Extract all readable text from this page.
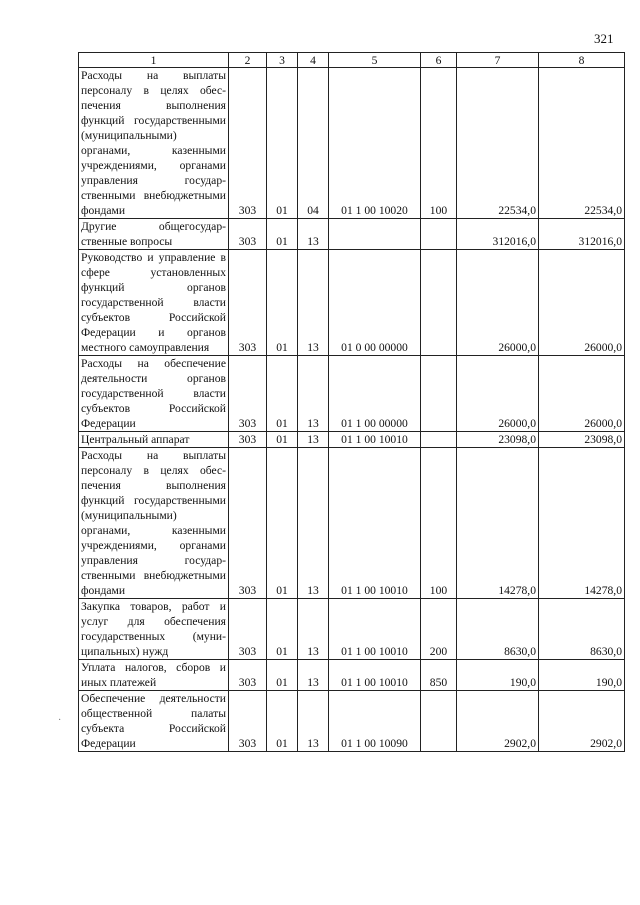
321
·
1	2	3	4	5	6	7	8
Расходы на выплаты персоналу в целях обеспечения выполнения функций государственными (муниципальными) органами, казенными учреждениями, органами управления государственными внебюджетными фондами	303	01	04	01 1 00 10020	100	22534,0	22534,0
Другие общегосударственные вопросы	303	01	13			312016,0	312016,0
Руководство и управление в сфере установленных функций органов государственной власти субъектов Российской Федерации и органов местного самоуправления	303	01	13	01 0 00 00000		26000,0	26000,0
Расходы на обеспечение деятельности органов государственной власти субъектов Российской Федерации	303	01	13	01 1 00 00000		26000,0	26000,0
Центральный аппарат	303	01	13	01 1 00 10010		23098,0	23098,0
Расходы на выплаты персоналу в целях обеспечения выполнения функций государственными (муниципальными) органами, казенными учреждениями, органами управления государственными внебюджетными фондами	303	01	13	01 1 00 10010	100	14278,0	14278,0
Закупка товаров, работ и услуг для обеспечения государственных (муниципальных) нужд	303	01	13	01 1 00 10010	200	8630,0	8630,0
Уплата налогов, сборов и иных платежей	303	01	13	01 1 00 10010	850	190,0	190,0
Обеспечение деятельности общественной палаты субъекта Российской Федерации	303	01	13	01 1 00 10090		2902,0	2902,0
